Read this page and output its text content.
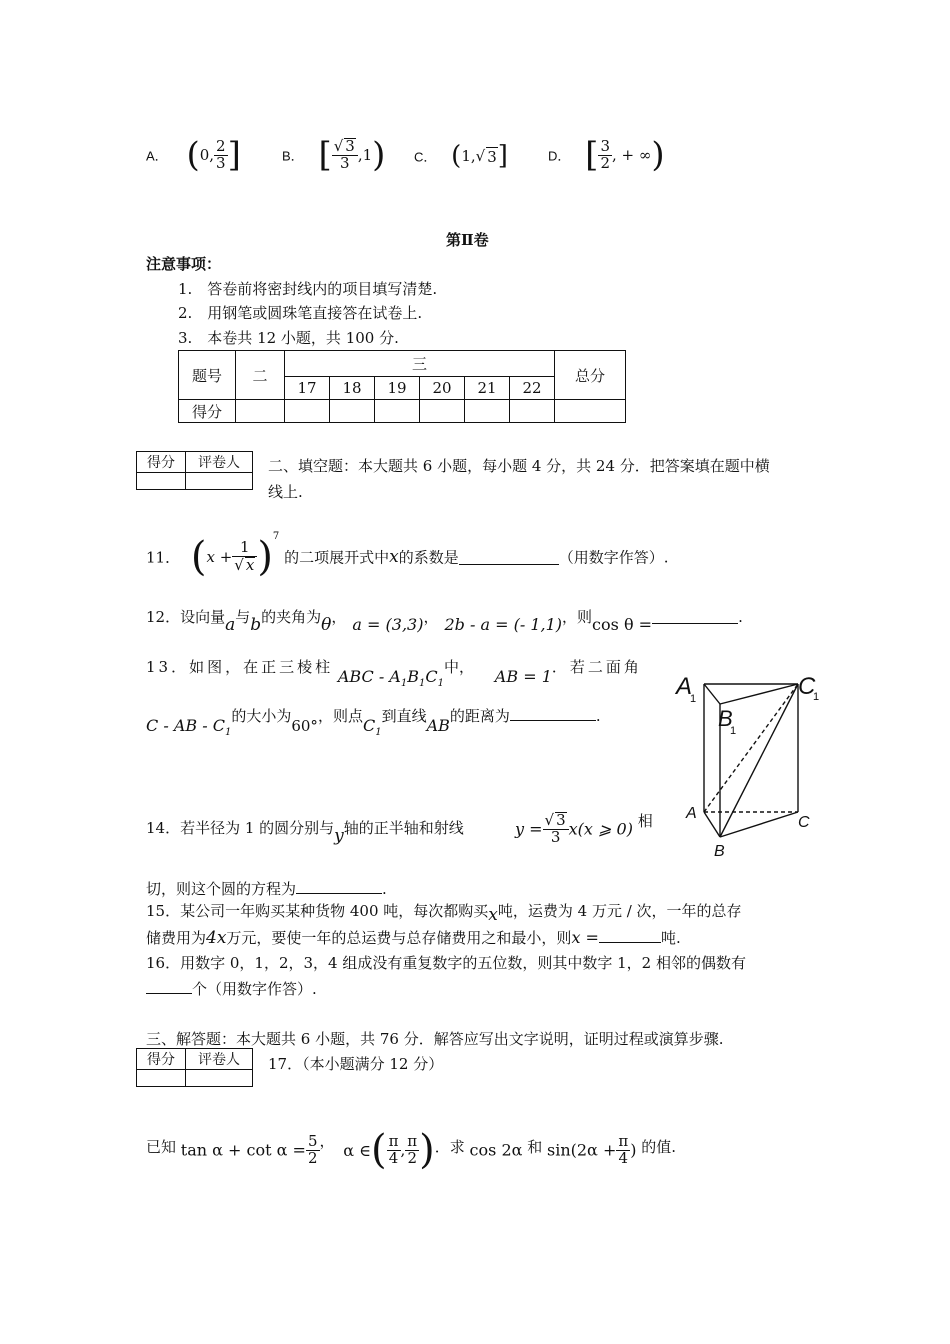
A． (0, $\frac{2}{3}$ ]	B． [ $\frac{√ 3}{3} ,1$) C． (1,√ 3]	D． [ $\frac{3}{2}$ , + ∞)
第Ⅱ卷
注意事项：
1.　答卷前将密封线内的项目填写清楚.
2.　用钢笔或圆珠笔直接答在试卷上.
3.　本卷共 12 小题，共 100 分.
题号	二	三						总分
		17	18	19	20	21	22	
得分								
得分	评卷人
	二、填空题：本大题共 6 小题，每小题 4 分，共 24 分．把答案填在题中横
线上.
11． $(x + \frac{1}{√ x} )^7$ 的二项展开式中x的系数是	（用数字作答）.
12．设向量a与b的夹角为θ， a = (3,3)， 2b - a = (- 1,1)，则cos θ =	.
13．如图，在正三棱柱 ABC - $A_1B_1C_1$中， AB = 1．若二面角
C - AB - $C_1$的大小为60°，则点$C_1$到直线AB的距离为	.
14．若半径为 1 的圆分别与y轴的正半轴和射线	$y = \frac{√ 3}{3} x(x$ ⩾ 0) 相
切，则这个圆的方程为	.
15．某公司一年购买某种货物 400 吨，每次都购买x吨，运费为 4 万元 / 次，一年的总存
储费用为4x万元，要使一年的总运费与总存储费用之和最小，则x =	吨.
16．用数字 0，1，2，3，4 组成没有重复数字的五位数，则其中数字 1，2 相邻的偶数有
个（用数字作答）.
三、解答题：本大题共 6 小题，共 76 分．解答应写出文字说明，证明过程或演算步骤.
得分	评卷人
	17．（本小题满分 12 分）
已知 $\tan \alpha + \cot \alpha = \frac{5}{2}$ ， α ∈( $\frac{\pi}{4}$ , $\frac{\pi}{2}$ )．求 cos 2α 和 $\sin(2\alpha + \frac{\pi}{4}$ ) 的值.
A
1
B
1
C
1
A
B
C
